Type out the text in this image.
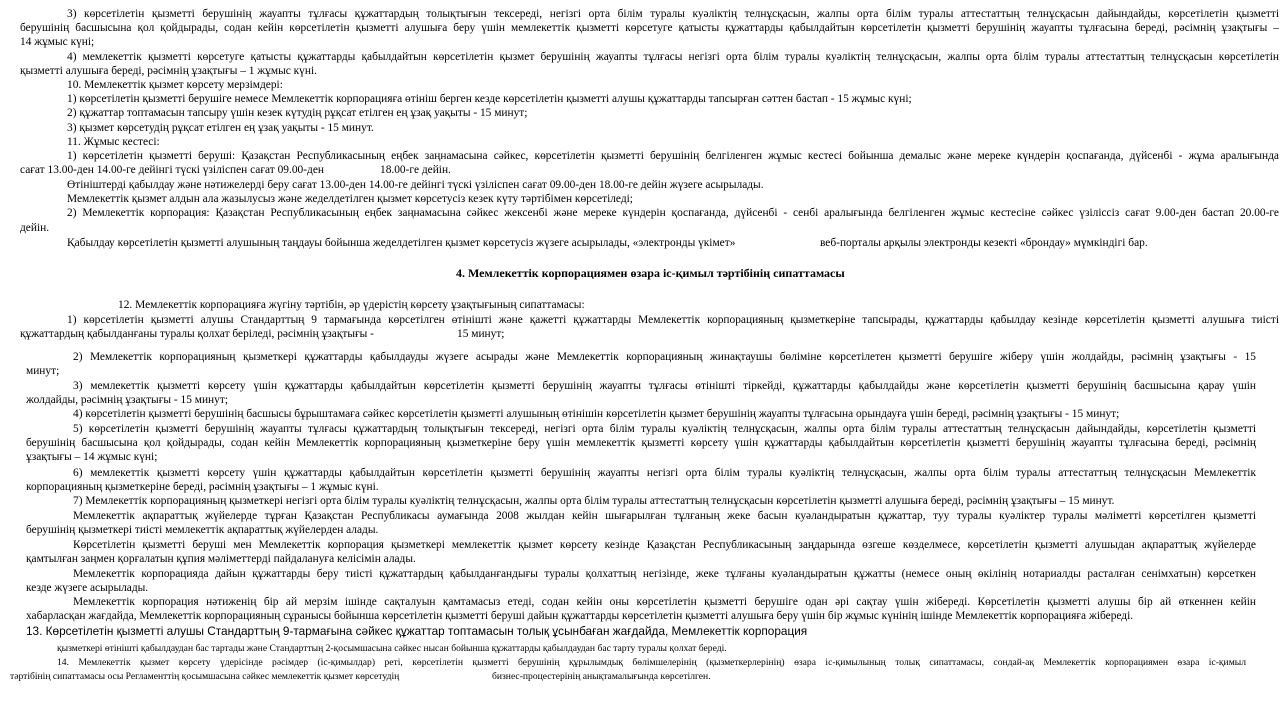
3) көрсетілетін қызметті берушінің жауапты тұлғасы құжаттардың толықтығын тексереді, негізгі орта білім туралы куәліктің телнұсқасын, жалпы орта білім туралы аттестаттың телнұсқасын дайындайды, көрсетілетін қызметті
берушінің басшысына қол қойдырады, содан кейін көрсетілетін қызметті алушыға беру үшін мемлекеттік қызметті көрсетуге қатысты құжаттарды қабылдайтын көрсетілетін қызметті берушінің жауапты тұлғасына береді, рәсімнің ұзақтығы –
14 жұмыс күні;
4) мемлекеттік қызметті көрсетуге қатысты құжаттарды қабылдайтын көрсетілетін қызмет берушінің жауапты тұлғасы негізгі орта білім туралы куәліктің телнұсқасын, жалпы орта білім туралы аттестаттың телнұсқасын көрсетілетін
қызметті алушыға береді, рәсімнің ұзақтығы – 1 жұмыс күні.
10. Мемлекеттік қызмет көрсету мерзімдері:
1) көрсетілетін қызметті берушіге немесе Мемлекеттік корпорацияға өтініш берген кезде көрсетілетін қызметті алушы құжаттарды тапсырған сәттен бастап - 15 жұмыс күні;
2) құжаттар топтамасын тапсыру үшін кезек күтудің рұқсат етілген ең ұзақ уақыты - 15 минут;
3) қызмет көрсетудің рұқсат етілген ең ұзақ уақыты - 15 минут.
11. Жұмыс кестесі:
1) көрсетілетін қызметті беруші: Қазақстан Республикасының еңбек заңнамасына сәйкес, көрсетілетін қызметті берушінің белгіленген жұмыс кестесі бойынша демалыс және мереке күндерін қоспағанда, дүйсенбі - жұма аралығында
сағат 13.00-ден 14.00-ге дейінгі түскі үзіліспен сағат 09.00-ден	18.00-ге дейін.
Өтініштерді қабылдау және нәтижелерді беру сағат 13.00-ден 14.00-ге дейінгі түскі үзіліспен сағат 09.00-ден 18.00-ге дейін жүзеге асырылады.
Мемлекеттік қызмет алдын ала жазылусыз және жеделдетілген қызмет көрсетусіз кезек күту тәртібімен көрсетіледі;
2) Мемлекеттік корпорация: Қазақстан Республикасының еңбек заңнамасына сәйкес жексенбі және мереке күндерін қоспағанда, дүйсенбі - сенбі аралығында белгіленген жұмыс кестесіне сәйкес үзіліссіз сағат 9.00-ден бастап 20.00-ге
дейін.
Қабылдау көрсетілетін қызметті алушының таңдауы бойынша жеделдетілген қызмет көрсетусіз жүзеге асырылады, «электронды үкімет»	веб-порталы арқылы электронды кезекті «брондау» мүмкіндігі бар.
4. Мемлекеттік корпорациямен өзара іс-қимыл тәртібінің сипаттамасы
12. Мемлекеттік корпорацияға жүгіну тәртібін, әр үдерістің көрсету ұзақтығының сипаттамасы:
1) көрсетілетін қызметті алушы Стандарттың 9 тармағында көрсетілген өтінішті және қажетті құжаттарды Мемлекеттік корпорацияның қызметкеріне тапсырады, құжаттарды қабылдау кезінде көрсетілетін қызметті алушыға тиісті
құжаттардың қабылданғаны туралы қолхат беріледі, рәсімнің ұзақтығы -	15 минут;
2) Мемлекеттік корпорацияның қызметкері құжаттарды қабылдауды жүзеге асырады және Мемлекеттік корпорацияның жинақтаушы бөліміне көрсетілетен қызметті берушіге жіберу үшін жолдайды, рәсімнің ұзақтығы - 15
минут;
3) мемлекеттік қызметті көрсету үшін құжаттарды қабылдайтын көрсетілетін қызметті берушінің жауапты тұлғасы өтінішті тіркейді, құжаттарды қабылдайды және көрсетілетін қызметті берушінің басшысына қарау үшін
жолдайды, рәсімнің ұзақтығы - 15 минут;
4) көрсетілетін қызметті берушінің басшысы бұрыштамаға сәйкес көрсетілетін қызметті алушының өтінішін көрсетілетін қызмет берушінің жауапты тұлғасына орындауға үшін береді, рәсімнің ұзақтығы - 15 минут;
5) көрсетілетін қызметті берушінің жауапты тұлғасы құжаттардың толықтығын тексереді, негізгі орта білім туралы куәліктің телнұсқасын, жалпы орта білім туралы аттестаттың телнұсқасын дайындайды, көрсетілетін қызметті
берушінің басшысына қол қойдырады, содан кейін Мемлекеттік корпорацияның қызметкеріне беру үшін мемлекеттік қызметті көрсету үшін құжаттарды қабылдайтын көрсетілетін қызметті берушінің жауапты тұлғасына береді, рәсімнің
ұзақтығы – 14 жұмыс күні;
6) мемлекеттік қызметті көрсету үшін құжаттарды қабылдайтын көрсетілетін қызметті берушінің жауапты негізгі орта білім туралы куәліктің телнұсқасын, жалпы орта білім туралы аттестаттың телнұсқасын Мемлекеттік
корпорацияның қызметкеріне береді, рәсімнің ұзақтығы – 1 жұмыс күні.
7) Мемлекеттік корпорацияның қызметкері негізгі орта білім туралы куәліктің телнұсқасын, жалпы орта білім туралы аттестаттың телнұсқасын көрсетілетін қызметті алушыға береді, рәсімнің ұзақтығы – 15 минут.
Мемлекеттік ақпараттық жүйелерде тұрған Қазақстан Республикасы аумағында 2008 жылдан кейін шығарылған тұлғаның жеке басын куәландыратын құжаттар, туу туралы куәліктер туралы мәліметті көрсетілген қызметті
берушінің қызметкері тиісті мемлекеттік ақпараттық жүйелерден алады.
Көрсетілетін қызметті беруші мен Мемлекеттік корпорация қызметкері мемлекеттік қызмет көрсету кезінде Қазақстан Республикасының заңдарында өзгеше көзделмесе, көрсетілетін қызметті алушыдан ақпараттық жүйелерде
қамтылған заңмен қорғалатын құпия мәліметтерді пайдалануға келісімін алады.
Мемлекеттік корпорацияда дайын құжаттарды беру тиісті құжаттардың қабылданғандығы туралы қолхаттың негізінде, жеке тұлғаны куәландыратын құжатты (немесе оның өкілінің нотариалды расталған сенімхатын) көрсеткен
кезде жүзеге асырылады.
Мемлекеттік корпорация нәтиженің бір ай мерзім ішінде сақталуын қамтамасыз етеді, содан кейін оны көрсетілетін қызметті берушіге одан әрі сақтау үшін жібереді. Көрсетілетін қызметті алушы бір ай өткеннен кейін
хабарласқан жағдайда, Мемлекеттік корпорацияның сұранысы бойынша көрсетілетін қызметті беруші дайын құжаттарды көрсетілетін қызметті алушыға беру үшін бір жұмыс күнінің ішінде Мемлекеттік корпорацияға жібереді.
13. Көрсетілетін қызметті алушы Стандарттың 9-тармағына сәйкес құжаттар топтамасын толық ұсынбаған жағдайда, Мемлекеттік корпорация
қызметкері өтінішті қабылдаудан бас тартады және Стандарттың 2-қосымшасына сәйкес нысан бойынша құжаттарды қабылдаудан бас тарту туралы қолхат береді.
14. Мемлекеттік қызмет көрсету үдерісінде рәсімдер (іс-қимылдар) реті, көрсетілетін қызметті берушінің құрылымдық бөлімшелерінің (қызметкерлерінің) өзара іс-қимылының толық сипаттамасы, сондай-ақ Мемлекеттік корпорациямен өзара іс-қимыл
тәртібінің сипаттамасы осы Регламенттің қосымшасына сәйкес мемлекеттік қызмет көрсетудің	бизнес-процестерінің анықтамалығында көрсетілген.
